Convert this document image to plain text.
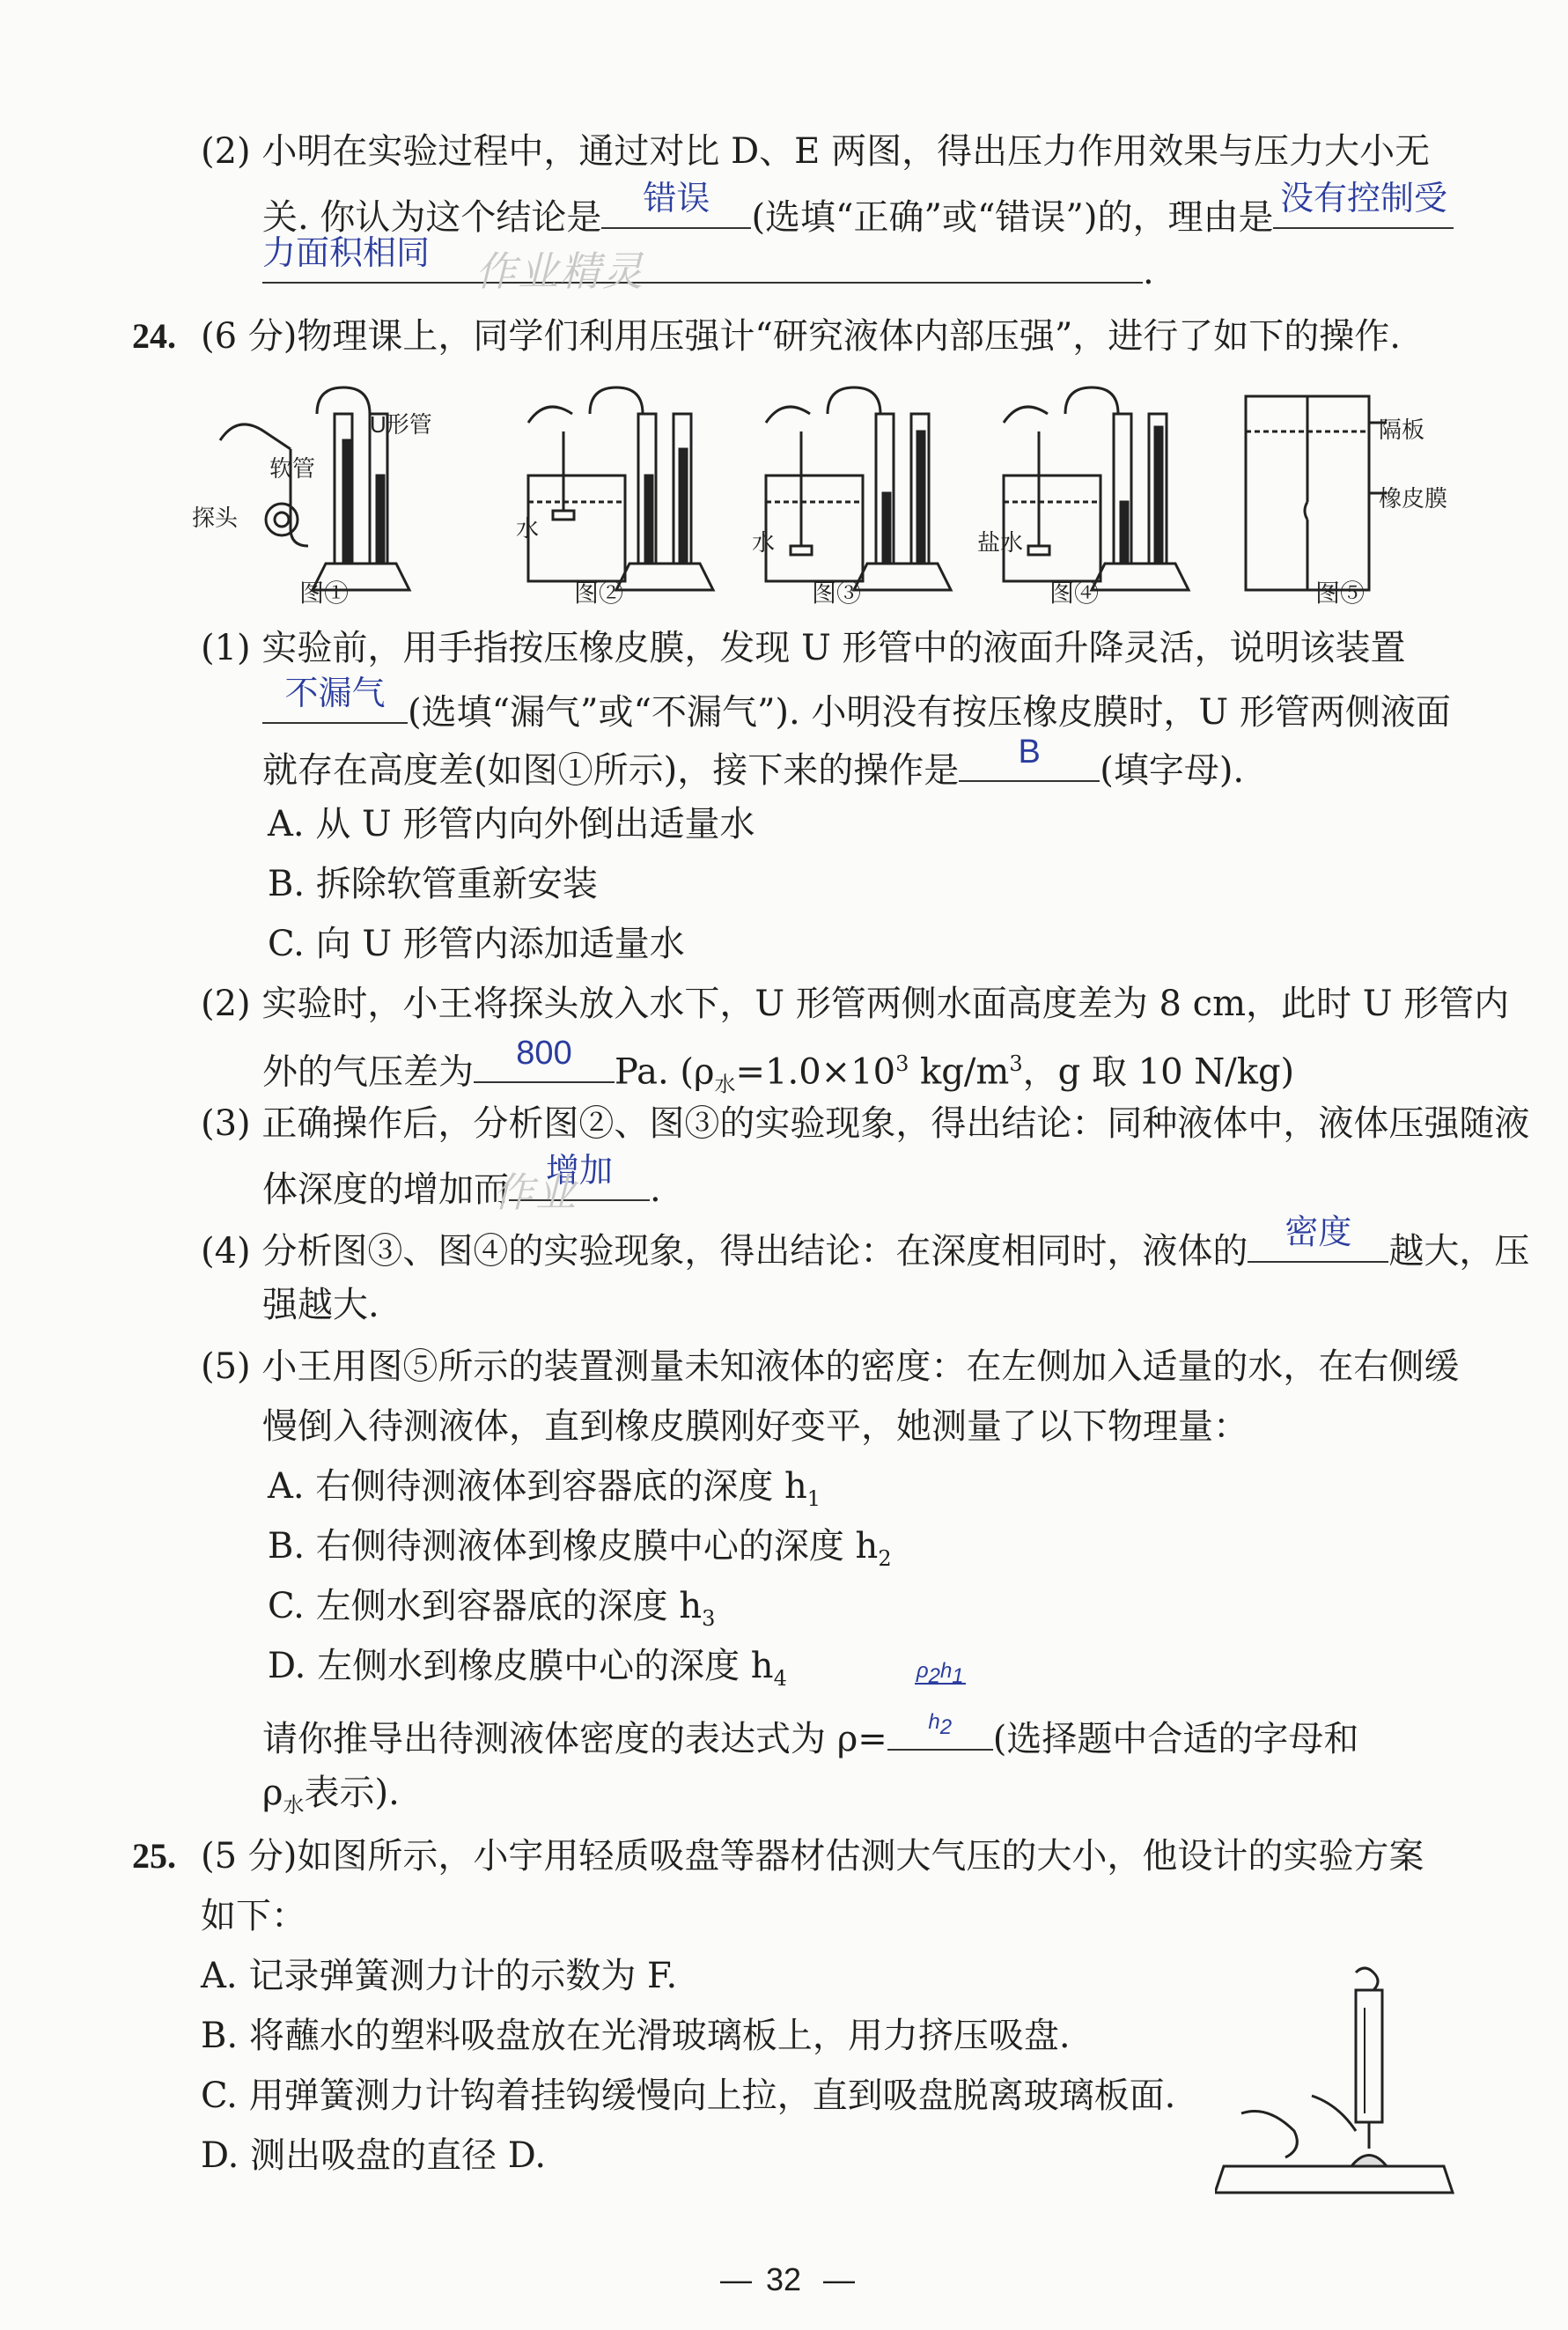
(2) 小明在实验过程中，通过对比 D、E 两图，得出压力作用效果与压力大小无
关. 你认为这个结论是	错误	(选填“正确”或“错误”)的，理由是 没有控制受
力面积相同	.
作业精灵
24. (6 分)物理课上，同学们利用压强计“研究液体内部压强”，进行了如下的操作.
U形管
软管
探头	水
水	盐水
隔板
橡皮膜
图①	图②	图③	图④	图⑤
(1) 实验前，用手指按压橡皮膜，发现 U 形管中的液面升降灵活，说明该装置
不漏气 (选填“漏气”或“不漏气”). 小明没有按压橡皮膜时，U 形管两侧液面
就存在高度差(如图①所示)，接下来的操作是	B	(填字母).
A. 从 U 形管内向外倒出适量水
B. 拆除软管重新安装
C. 向 U 形管内添加适量水
(2) 实验时，小王将探头放入水下，U 形管两侧水面高度差为 8 cm，此时 U 形管内
外的气压差为	800	Pa. ($\rho_水=1.0\times 10^3$ $kg/m^3$，g 取 10 N/kg)
(3) 正确操作后，分析图②、图③的实验现象，得出结论：同种液体中，液体压强随液
体深度的增加而	增加	.
作业
(4) 分析图③、图④的实验现象，得出结论：在深度相同时，液体的	密度	越大，压
强越大.
(5) 小王用图⑤所示的装置测量未知液体的密度：在左侧加入适量的水，在右侧缓
慢倒入待测液体，直到橡皮膜刚好变平，她测量了以下物理量：
A. 右侧待测液体到容器底的深度 $h_1$
B. 右侧待测液体到橡皮膜中心的深度 $h_2$
C. 左侧水到容器底的深度 $h_3$
D. 左侧水到橡皮膜中心的深度 $h_4$
请你推导出待测液体密度的表达式为 $\rho= \frac{\rho_2h_1}{h_2}$ (选择题中合适的字母和
$\rho_水$表示).
25. (5 分)如图所示，小宇用轻质吸盘等器材估测大气压的大小，他设计的实验方案
如下：
A. 记录弹簧测力计的示数为 F.
B. 将蘸水的塑料吸盘放在光滑玻璃板上，用力挤压吸盘.
C. 用弹簧测力计钩着挂钩缓慢向上拉，直到吸盘脱离玻璃板面.
D. 测出吸盘的直径 D.
— 32 —
